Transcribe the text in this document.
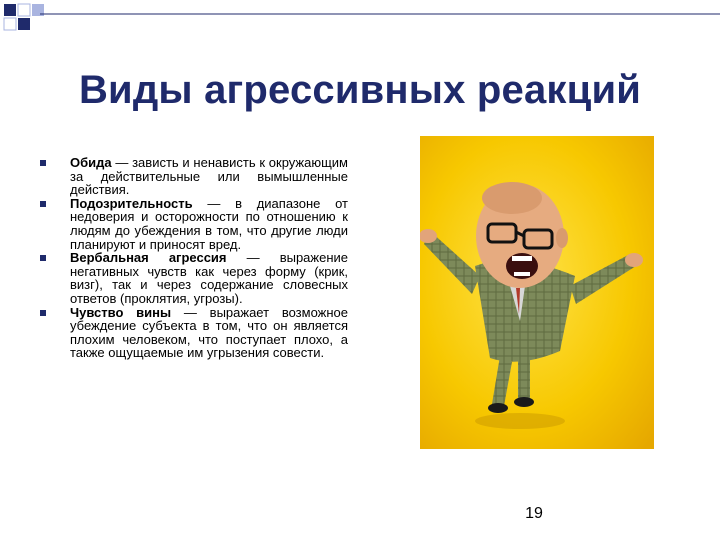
Виды агрессивных реакций
Обида — зависть и ненависть к окружающим за действительные или вымышленные действия.
Подозрительность — в диапазоне от недоверия и осторожности по отношению к людям до убеждения в том, что другие люди планируют и приносят вред.
Вербальная агрессия — выражение негативных чувств как через форму (крик, визг), так и через содержание словесных ответов (проклятия, угрозы).
Чувство вины — выражает возможное убеждение субъекта в том, что он является плохим человеком, что поступает плохо, а также ощущаемые им угрызения совести.
19
